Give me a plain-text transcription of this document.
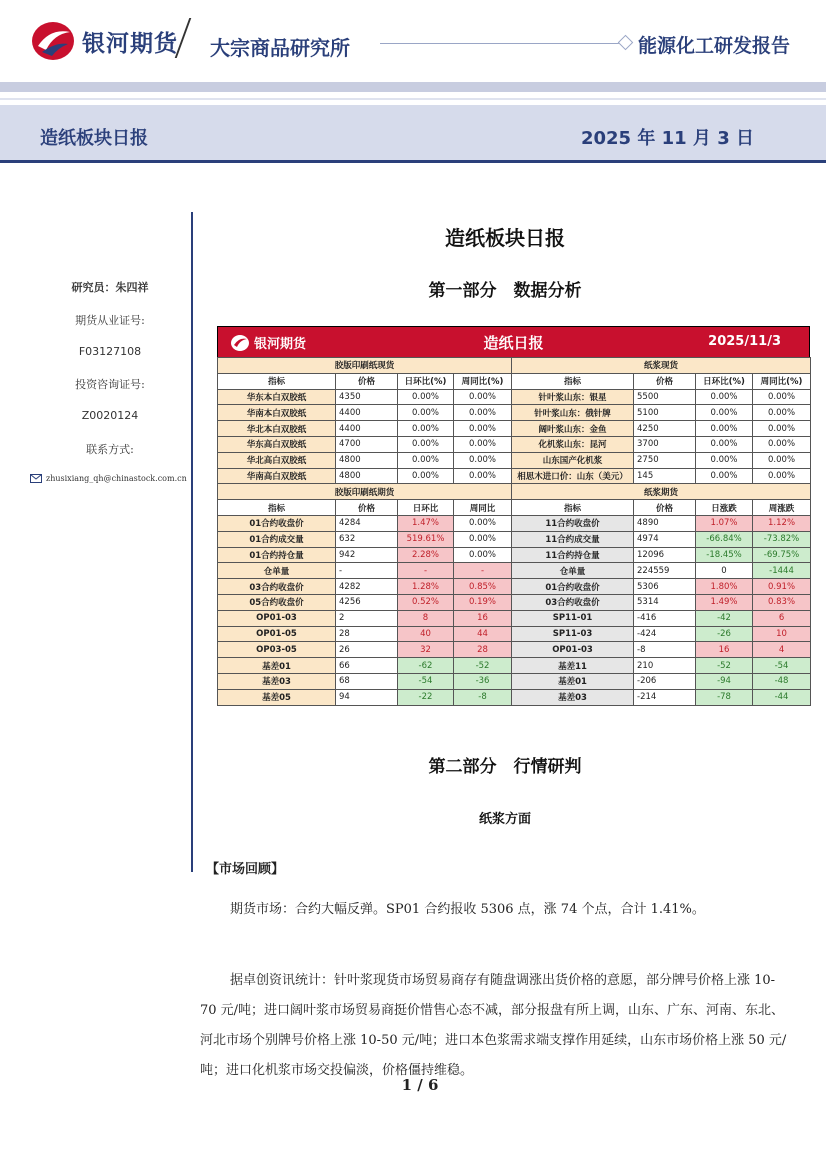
银河期货 大宗商品研究所	能源化工研发报告
造纸板块日报	2025 年 11 月 3 日
研究员：朱四祥
期货从业证号:
F03127108
投资咨询证号:
Z0020124
联系方式:
zhusixiang_qh@chinastock.com.cn
造纸板块日报
第一部分　数据分析
银河期货	造纸日报	2025/11/3
胶版印刷纸现货				纸浆现货			
指标	价格	日环比(%)	周同比(%)	指标	价格	日环比(%)	周同比(%)
华东本白双胶纸	4350	0.00%	0.00%	针叶浆山东：银星	5500	0.00%	0.00%
华南本白双胶纸	4400	0.00%	0.00%	针叶浆山东：俄针牌	5100	0.00%	0.00%
华北本白双胶纸	4400	0.00%	0.00%	阔叶浆山东：金鱼	4250	0.00%	0.00%
华东高白双胶纸	4700	0.00%	0.00%	化机浆山东：昆河	3700	0.00%	0.00%
华北高白双胶纸	4800	0.00%	0.00%	山东国产化机浆	2750	0.00%	0.00%
华南高白双胶纸	4800	0.00%	0.00%	相思木进口价：山东（美元）	145	0.00%	0.00%
胶版印刷纸期货				纸浆期货			
指标	价格	日环比	周同比	指标	价格	日涨跌	周涨跌
01合约收盘价	4284	1.47%	0.00%	11合约收盘价	4890	1.07%	1.12%
01合约成交量	632	519.61%	0.00%	11合约成交量	4974	-66.84%	-73.82%
01合约持仓量	942	2.28%	0.00%	11合约持仓量	12096	-18.45%	-69.75%
仓单量	-	-	-	仓单量	224559	0	-1444
03合约收盘价	4282	1.28%	0.85%	01合约收盘价	5306	1.80%	0.91%
05合约收盘价	4256	0.52%	0.19%	03合约收盘价	5314	1.49%	0.83%
OP01-03	2	8	16	SP11-01	-416	-42	6
OP01-05	28	40	44	SP11-03	-424	-26	10
OP03-05	26	32	28	OP01-03	-8	16	4
基差01	66	-62	-52	基差11	210	-52	-54
基差03	68	-54	-36	基差01	-206	-94	-48
基差05	94	-22	-8	基差03	-214	-78	-44
第二部分　行情研判
纸浆方面
【市场回顾】
期货市场：合约大幅反弹。SP01 合约报收 5306 点，涨 74 个点，合计 1.41%。
据卓创资讯统计：针叶浆现货市场贸易商存有随盘调涨出货价格的意愿，部分牌号价格上涨 10-70 元/吨；进口阔叶浆市场贸易商挺价惜售心态不减，部分报盘有所上调，山东、广东、河南、东北、河北市场个别牌号价格上涨 10-50 元/吨；进口本色浆需求端支撑作用延续，山东市场价格上涨 50 元/吨；进口化机浆市场交投偏淡，价格僵持维稳。
1 / 6
